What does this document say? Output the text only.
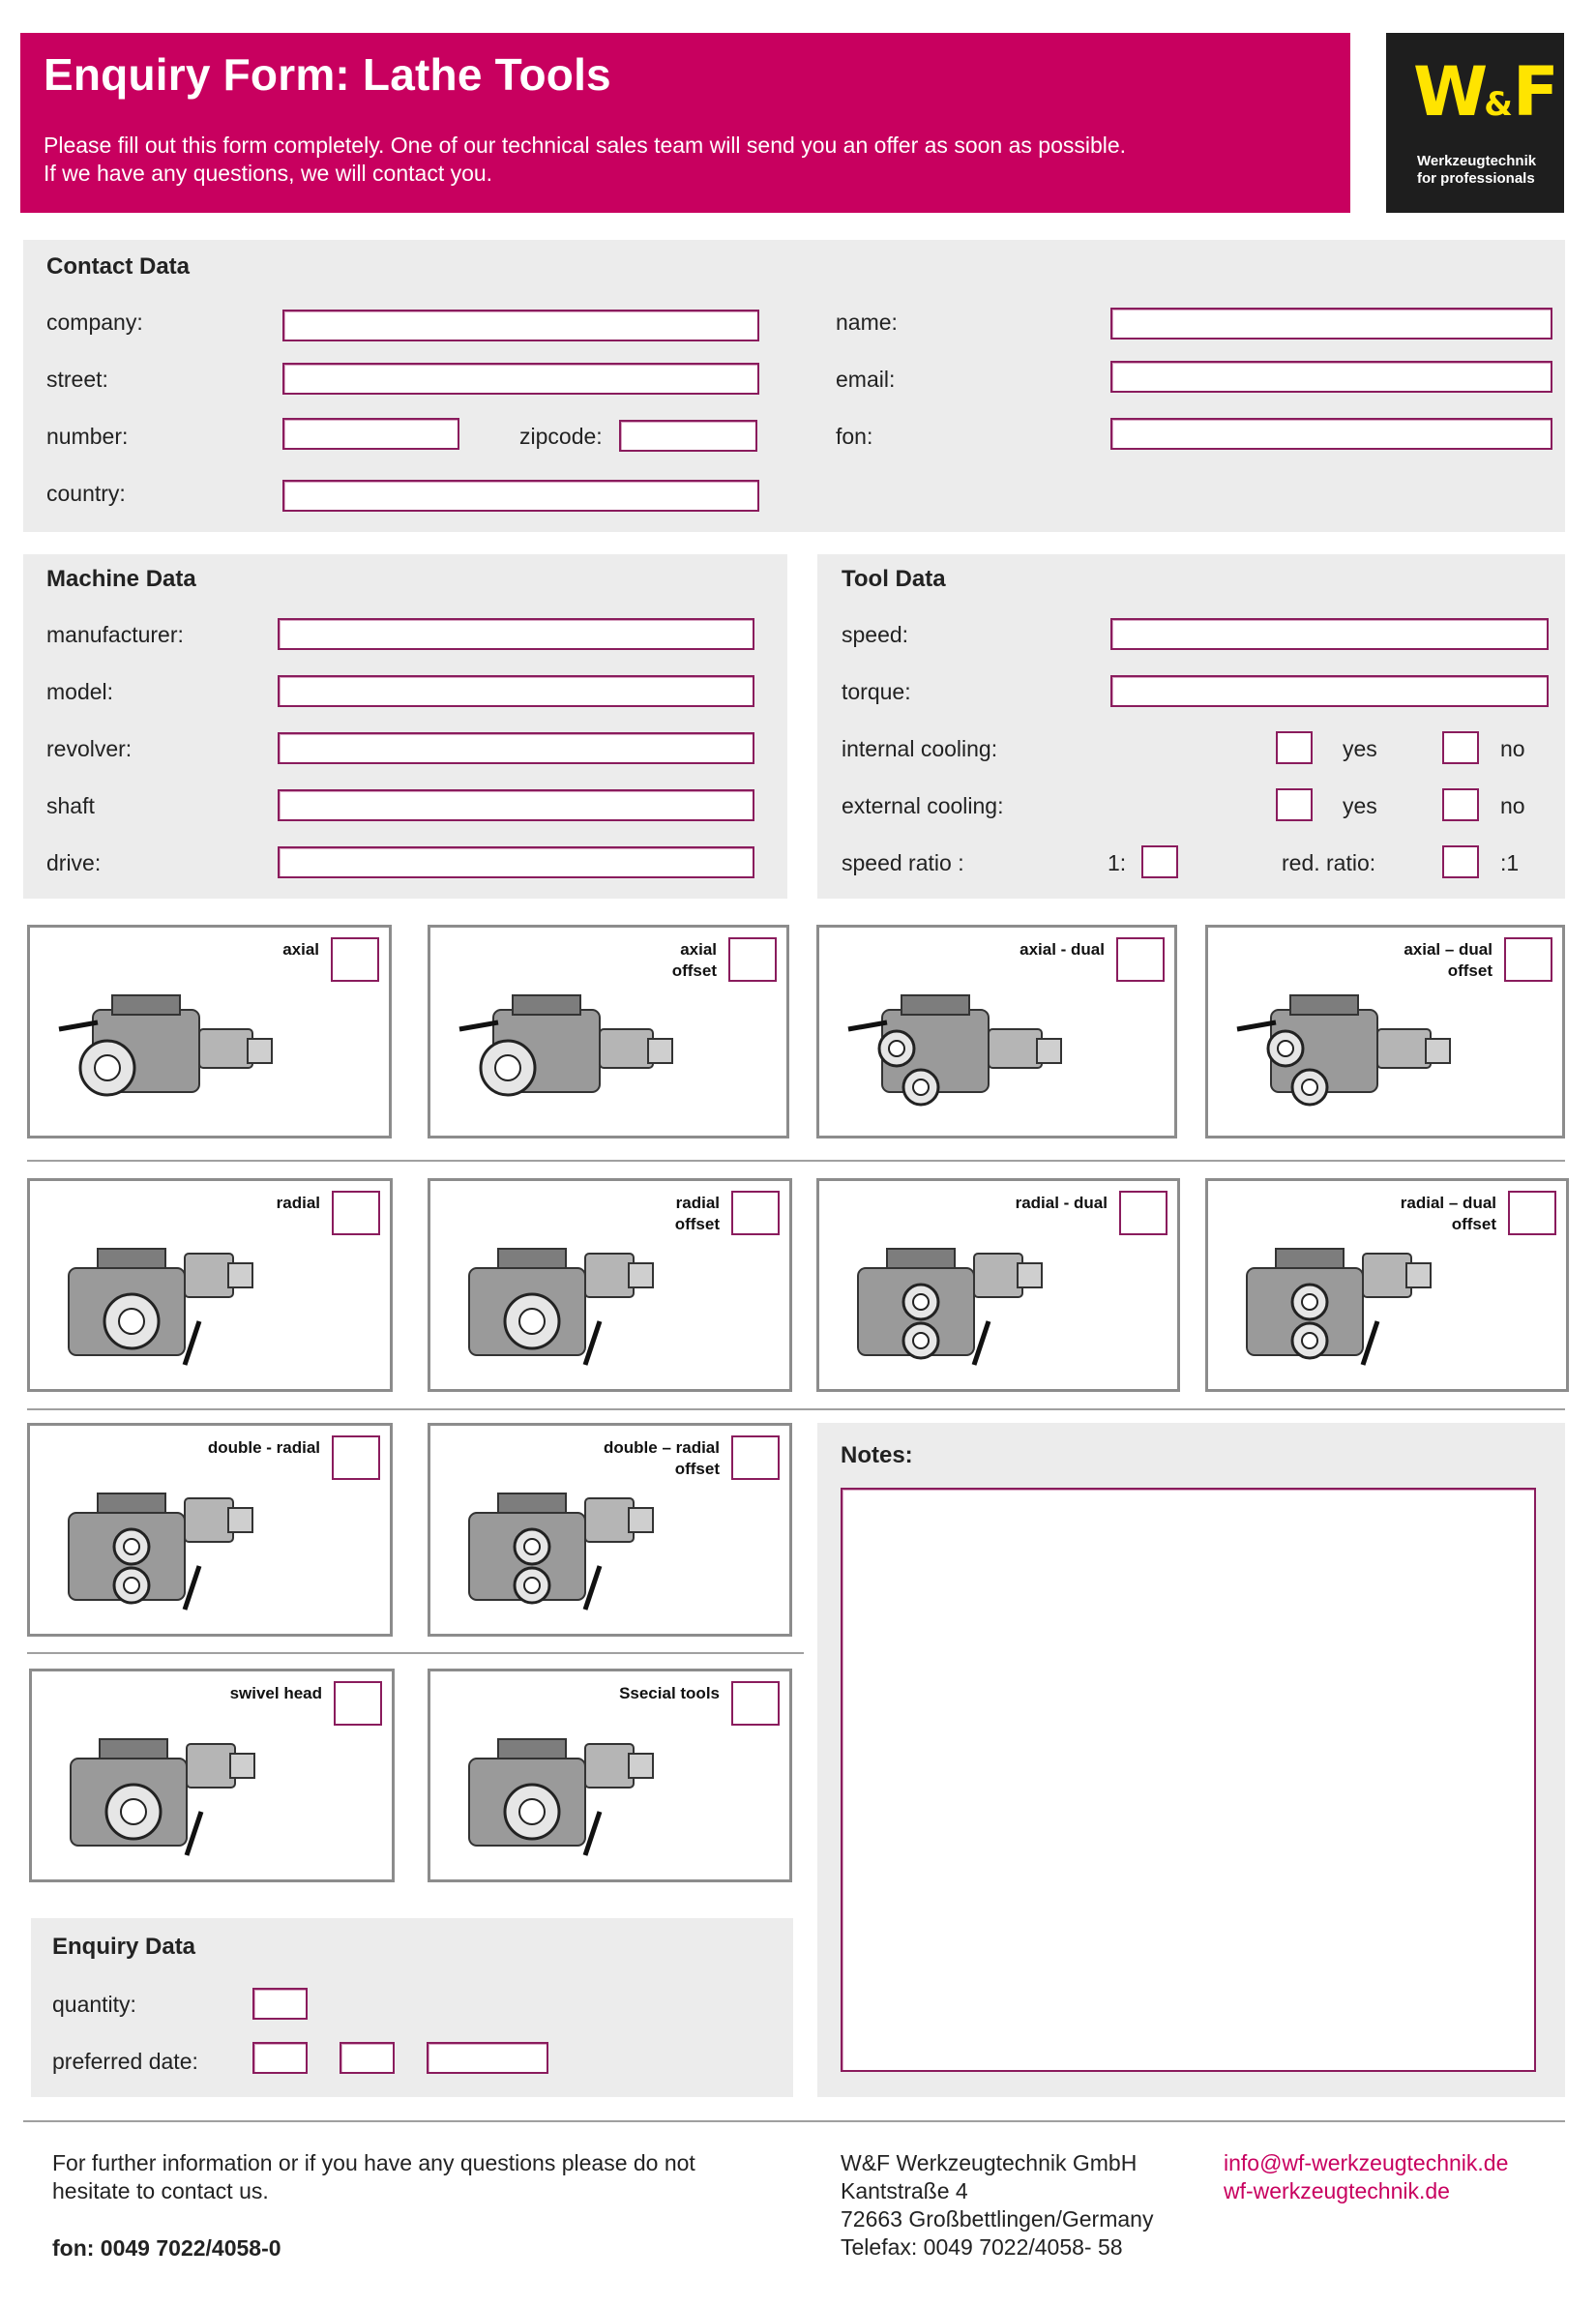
Enquiry Form: Lathe Tools
Please fill out this form completely. One of our technical sales team will send you an offer as soon as possible.
If we have any questions, we will contact you.
W&F
Werkzeugtechnik
for professionals
Contact Data
company:
street:
number:	zipcode:
country:
name:
email:
fon:
Machine Data
manufacturer:
model:
revolver:
shaft
drive:
Tool Data
speed:
torque:
internal cooling:	yes	no
external cooling:	yes	no
speed ratio :	1:	red. ratio:	:1
axial	axial
offset
axial - dual	axial – dual
offset
radial	radial
offset
radial - dual	radial – dual
offset
double - radial	double – radial
offset
swivel head	Ssecial tools
Notes:
Enquiry Data
quantity:
preferred date:
For further information or if you have any questions please do not
hesitate to contact us.
fon: 0049 7022/4058-0
W&F Werkzeugtechnik GmbH
Kantstraße 4
72663 Großbettlingen/Germany
Telefax: 0049 7022/4058- 58
info@wf-werkzeugtechnik.de
wf-werkzeugtechnik.de
